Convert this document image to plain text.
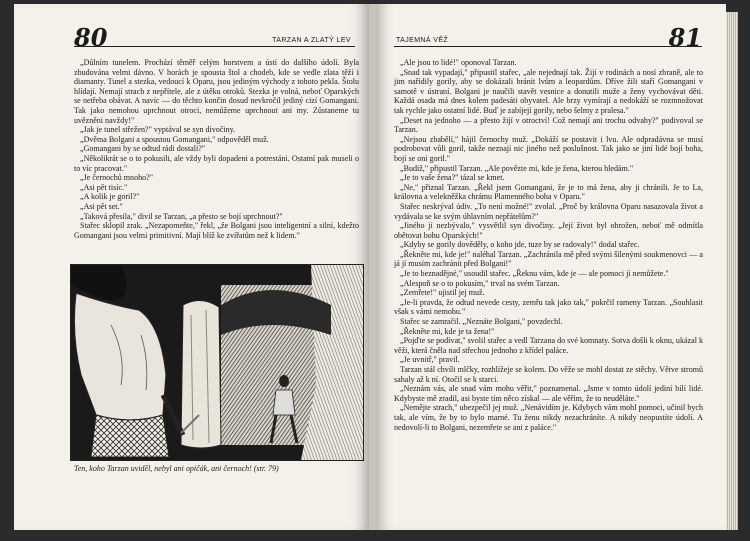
80	TARZAN A ZLATÝ LEV

„Důlním tunelem. Prochází těměř celým horstvem a ústí do dalšího údolí. Byla zbudována velmi dávno. V horách je spousta štol a chodeb, kde se vedle zlata těží i diamanty. Tunel a stezka, vedoucí k Oparu, jsou jediným východy z tohoto pekla. Štolu hlídají. Nemají strach z nepřítele, ale z útěku otroků. Stezka je volná, neboť Oparských se netřeba obávat. A navíc — do těchto končin dosud nevkročil jediný cizí Gomangani. Tak jako nemohou uprchnout otroci, nemůžeme uprchnout ani my. Zůstaneme tu uvězněni navždy!"

„Jak je tunel střežen?" vyptával se syn divočiny.

„Dvěma Bolgani a spoustou Gomangani," odpověděl muž.

„Gomangani by se odtud rádi dostali?"

„Několikrát se o to pokusili, ale vždy byli dopadeni a potrestáni. Ostatní pak museli o to víc pracovat."

„Je černochů mnoho?"

„Asi pět tisíc."

„A kolik je goril?"

„Asi pět set."

„Taková přesila," divil se Tarzan, „a přesto se bojí uprchnout?"

Stařec sklopil zrak. „Nezapomeňte," řekl, „že Bolgani jsou inteligentní a silní, kdežto Gomangani jsou velmi primitivní. Mají blíž ke zvířatům než k lidem."

Ten, koho Tarzan uviděl, nebyl ani opičák, ani černoch! (str. 79)
TAJEMNÁ VĚŽ	81

„Ale jsou to lidé!" oponoval Tarzan.

„Snad tak vypadají," připustil stařec, „ale nejednají tak. Žijí v rodinách a nosí zbraně, ale to jim nařídily gorily, aby se dokázali bránit lvům a leopardům. Dříve žili staří Gomangani v samotě v ústraní. Bolgani je naučili stavět vesnice a donutili muže a ženy vychovávat děti. Každá osada má dnes kolem padesáti obyvatel. Ale brzy vymírají a nedokáží se rozmnožovat tak rychle jako ostatní lidé. Buď je zabíjejí gorily, nebo šelmy z pralesa."

„Deset na jednoho — a přesto žijí v otroctví! Což nemají ani trochu odvahy?" podivoval se Tarzan.

„Nejsou zbabělí," hájil černochy muž. „Dokáží se postavit i lvu. Ale odpradávna se musí podrobovat vůli goril, takže neznají nic jiného než poslušnost. Tak jako se jiní lidé bojí boha, bojí se oni goril."

„Budiž," připustil Tarzan. „Ale povězte mi, kde je žena, kterou hledám."

„Je to vaše žena?" tázal se kmet.

„Ne," přiznal Tarzan. „Řekl jsem Gomangani, že je to má žena, aby ji chránili. Je to La, královna a velekněžka chrámu Plamenného boha v Oparu."

Stařec neskrýval údiv. „To není možné!" zvolal. „Proč by královna Oparu nasazovala život a vydávala se ke svým úhlavním nepřátelům?"

„Jiného jí nezbývalo," vysvětlil syn divočiny. „Její život byl ohrožen, neboť mě odmítla obětovat bohu Oparských!"

„Kdyby se gorily dověděly, o koho jde, tuze by se radovaly!" dodal stařec.

„Řekněte mi, kde je!" naléhal Tarzan. „Zachránila mě před svými šílenými soukmenovci — a já jí musím zachránit před Bolgani!"

„Je to beznadějné," usoudil stařec. „Řeknu vám, kde je — ale pomoci jí nemůžete."

„Alespoň se o to pokusím," trval na svém Tarzan.

„Zemřete!" ujistil jej muž.

„Je-li pravda, že odtud nevede cesty, zemřu tak jako tak," pokrčil rameny Tarzan. „Souhlasit však s vámi nemohu."

Stařec se zamračil. „Neznáte Bolgani," povzdechl.

„Řekněte mi, kde je ta žena!"

„Pojďte se podívat," svolil stařec a vedl Tarzana do své komnaty. Sotva došli k oknu, ukázal k věži, která čněla nad střechou jednoho z křídel paláce.

„Je uvnitř," pravil.

Tarzan stál chvíli mlčky, rozhlížeje se kolem. Do věže se mohl dostat ze stěchy. Větve stromů sahaly až k ní. Otočil se k starci.

„Neznám vás, ale snad vám mohu věřit," poznamenal. „Jsme v tomto údolí jediní bílí lidé. Kdybyste mě zradil, asi byste tím něco získal — ale věřím, že to neuděláte."

„Nemějte strach," ubezpečil jej muž. „Nenávidím je. Kdybych vám mohl pomoci, učinil bych tak, ale vím, že by to bylo marné. Tu ženu nikdy nezachráníte. A nikdy neopustíte údolí. A nedovolí-li to Bolgani, nezemřete se ani z paláce."
